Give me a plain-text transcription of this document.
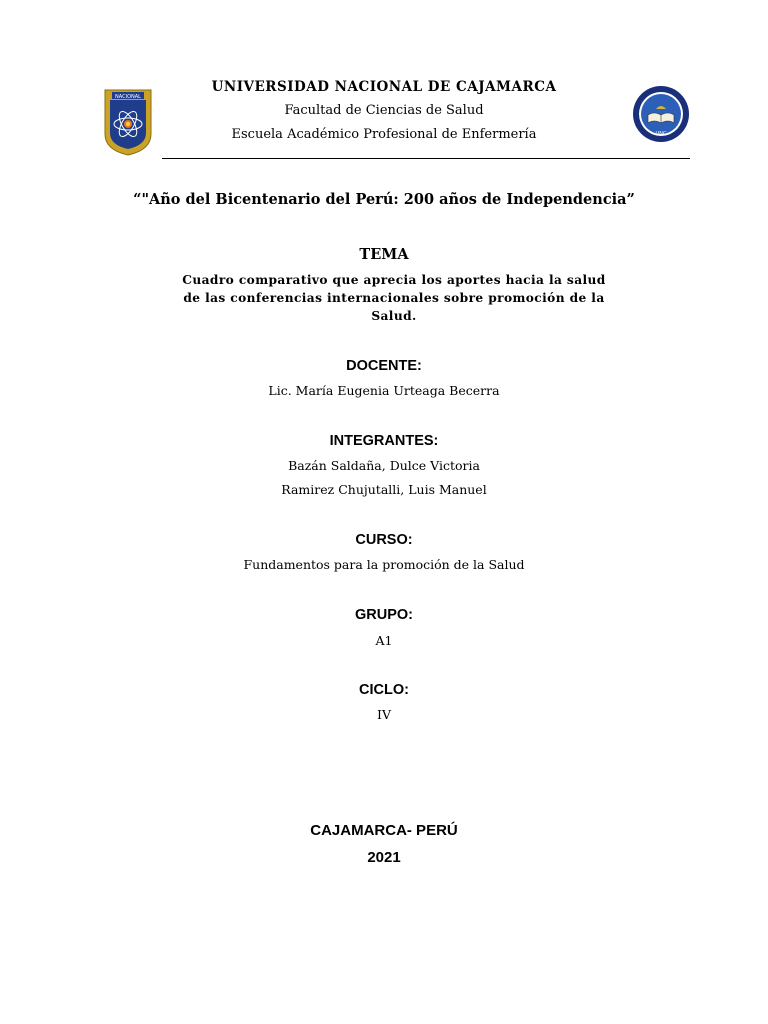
NACIONAL
UNC
UNIVERSIDAD NACIONAL DE CAJAMARCA
Facultad de Ciencias de Salud
Escuela Académico Profesional de Enfermería
“"Año del Bicentenario del Perú: 200 años de Independencia”
TEMA
Cuadro comparativo que aprecia los aportes hacia la salud
de las conferencias internacionales sobre promoción de la
Salud.
DOCENTE:
Lic. María Eugenia Urteaga Becerra
INTEGRANTES:
Bazán Saldaña, Dulce Victoria
Ramirez Chujutalli, Luis Manuel
CURSO:
Fundamentos para la promoción de la Salud
GRUPO:
A1
CICLO:
IV
CAJAMARCA- PERÚ
2021
